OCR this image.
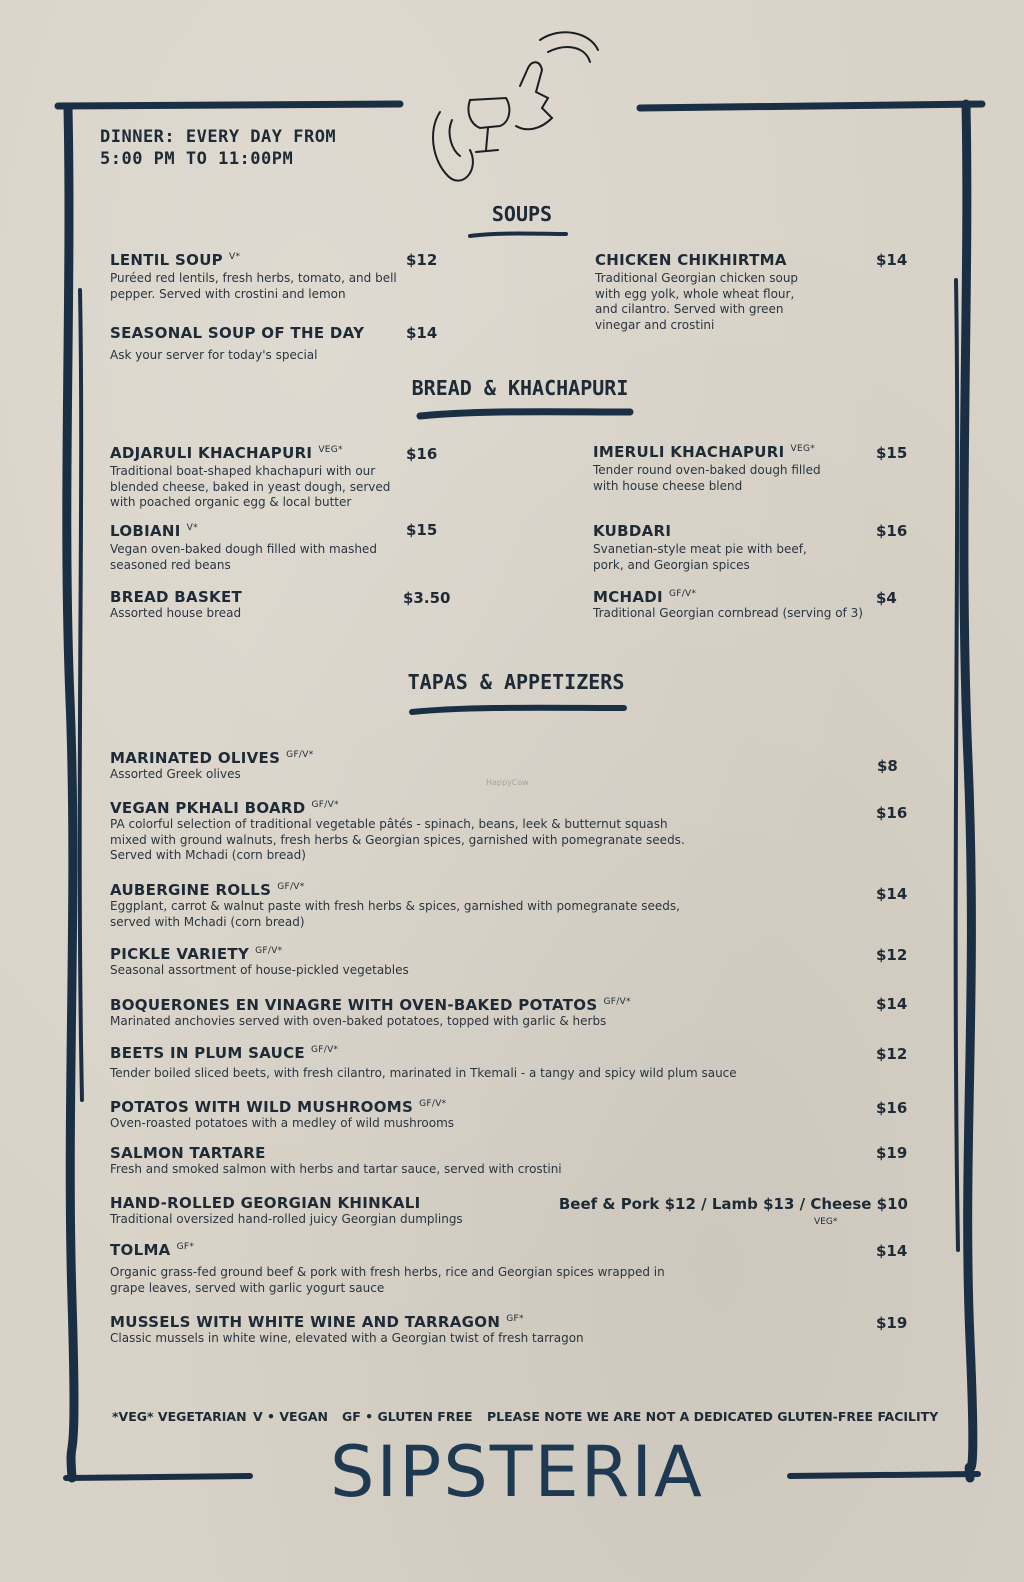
DINNER: EVERY DAY FROM
5:00 PM TO 11:00PM
HappyCow
SOUPS
LENTIL SOUP $^{V*}$
Puréed red lentils, fresh herbs, tomato, and bell pepper. Served with crostini and lemon
$12
SEASONAL SOUP OF THE DAY
Ask your server for today's special
$14
CHICKEN CHIKHIRTMA
Traditional Georgian chicken soup with egg yolk, whole wheat flour, and cilantro. Served with green vinegar and crostini
$14
BREAD & KHACHAPURI
ADJARULI KHACHAPURI $^{VEG*}$
Traditional boat-shaped khachapuri with our blended cheese, baked in yeast dough, served with poached organic egg & local butter
$16
LOBIANI $^{V*}$
Vegan oven-baked dough filled with mashed seasoned red beans
$15
BREAD BASKET
Assorted house bread
$3.50
IMERULI KHACHAPURI $^{VEG*}$
Tender round oven-baked dough filled with house cheese blend
$15
KUBDARI
Svanetian-style meat pie with beef, pork, and Georgian spices
$16
MCHADI $^{GF/V*}$
Traditional Georgian cornbread (serving of 3)
$4
TAPAS & APPETIZERS
MARINATED OLIVES $^{GF/V*}$
Assorted Greek olives	$8
VEGAN PKHALI BOARD $^{GF/V*}$
PA colorful selection of traditional vegetable pâtés - spinach, beans, leek & butternut squash mixed with ground walnuts, fresh herbs & Georgian spices, garnished with pomegranate seeds. Served with Mchadi (corn bread)
$16
AUBERGINE ROLLS $^{GF/V*}$
Eggplant, carrot & walnut paste with fresh herbs & spices, garnished with pomegranate seeds, served with Mchadi (corn bread)
$14
PICKLE VARIETY $^{GF/V*}$
Seasonal assortment of house-pickled vegetables
$12
BOQUERONES EN VINAGRE WITH OVEN-BAKED POTATOS $^{GF/V*}$
Marinated anchovies served with oven-baked potatoes, topped with garlic & herbs
$14
BEETS IN PLUM SAUCE $^{GF/V*}$
Tender boiled sliced beets, with fresh cilantro, marinated in Tkemali - a tangy and spicy wild plum sauce
$12
POTATOS WITH WILD MUSHROOMS $^{GF/V*}$
Oven-roasted potatoes with a medley of wild mushrooms
$16
SALMON TARTARE
Fresh and smoked salmon with herbs and tartar sauce, served with crostini
$19
HAND-ROLLED GEORGIAN KHINKALI
Traditional oversized hand-rolled juicy Georgian dumplings
Beef & Pork $12 / Lamb $13 / Cheese $10
VEG*
TOLMA $^{GF*}$
Organic grass-fed ground beef & pork with fresh herbs, rice and Georgian spices wrapped in grape leaves, served with garlic yogurt sauce
$14
MUSSELS WITH WHITE WINE AND TARRAGON $^{GF*}$
Classic mussels in white wine, elevated with a Georgian twist of fresh tarragon
$19
*VEG* VEGETARIAN V • VEGAN GF • GLUTEN FREE PLEASE NOTE WE ARE NOT A DEDICATED GLUTEN-FREE FACILITY
SIPSTERIA
